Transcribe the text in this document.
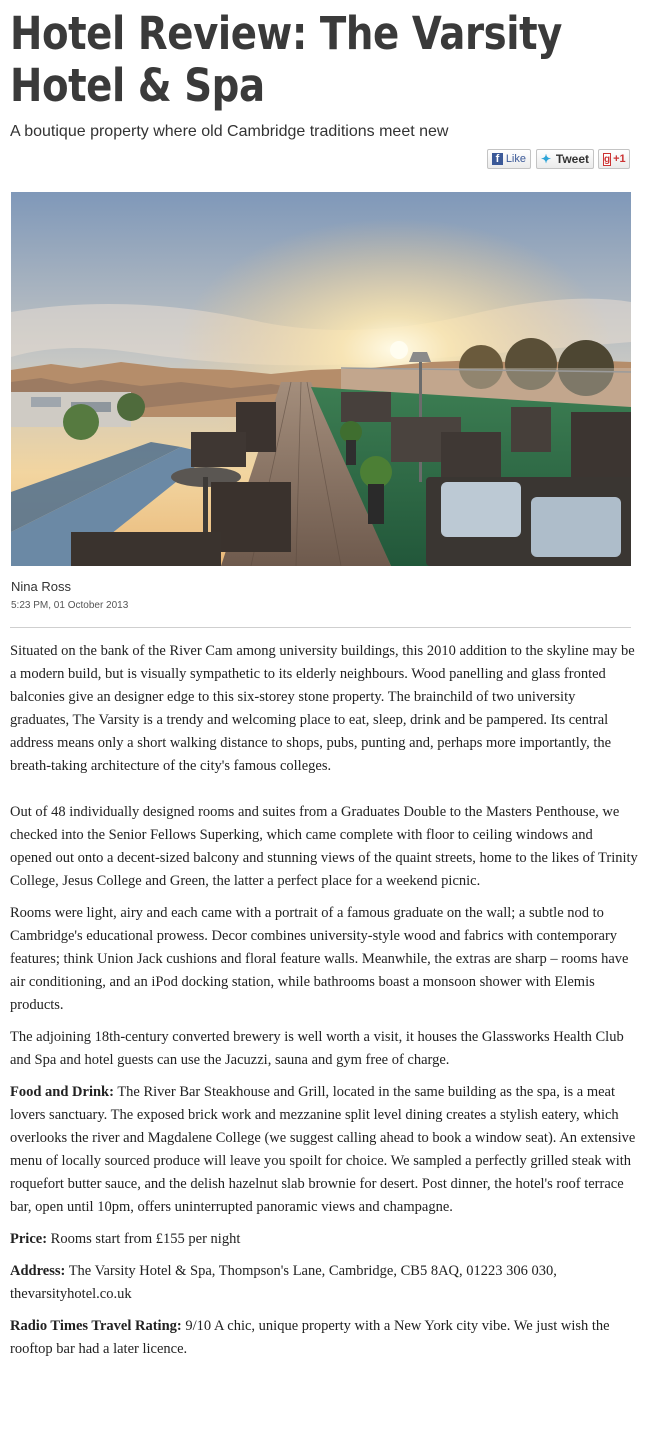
Hotel Review: The Varsity Hotel & Spa
A boutique property where old Cambridge traditions meet new
f Like ✦ Tweet g +1
Nina Ross
5:23 PM, 01 October 2013

Situated on the bank of the River Cam among university buildings, this 2010 addition to the skyline may be a modern build, but is visually sympathetic to its elderly neighbours. Wood panelling and glass fronted balconies give an designer edge to this six-storey stone property. The brainchild of two university graduates, The Varsity is a trendy and welcoming place to eat, sleep, drink and be pampered. Its central address means only a short walking distance to shops, pubs, punting and, perhaps more importantly, the breath-taking architecture of the city's famous colleges.

Out of 48 individually designed rooms and suites from a Graduates Double to the Masters Penthouse, we checked into the Senior Fellows Superking, which came complete with floor to ceiling windows and opened out onto a decent-sized balcony and stunning views of the quaint streets, home to the likes of Trinity College, Jesus College and Green, the latter a perfect place for a weekend picnic.

Rooms were light, airy and each came with a portrait of a famous graduate on the wall; a subtle nod to Cambridge's educational prowess. Decor combines university-style wood and fabrics with contemporary features; think Union Jack cushions and floral feature walls. Meanwhile, the extras are sharp – rooms have air conditioning, and an iPod docking station, while bathrooms boast a monsoon shower with Elemis products.

The adjoining 18th-century converted brewery is well worth a visit, it houses the Glassworks Health Club and Spa and hotel guests can use the Jacuzzi, sauna and gym free of charge.

Food and Drink: The River Bar Steakhouse and Grill, located in the same building as the spa, is a meat lovers sanctuary. The exposed brick work and mezzanine split level dining creates a stylish eatery, which overlooks the river and Magdalene College (we suggest calling ahead to book a window seat). An extensive menu of locally sourced produce will leave you spoilt for choice. We sampled a perfectly grilled steak with roquefort butter sauce, and the delish hazelnut slab brownie for desert. Post dinner, the hotel's roof terrace bar, open until 10pm, offers uninterrupted panoramic views and champagne.

Price: Rooms start from £155 per night

Address: The Varsity Hotel & Spa, Thompson's Lane, Cambridge, CB5 8AQ, 01223 306 030, thevarsityhotel.co.uk

Radio Times Travel Rating: 9/10 A chic, unique property with a New York city vibe. We just wish the rooftop bar had a later licence.
